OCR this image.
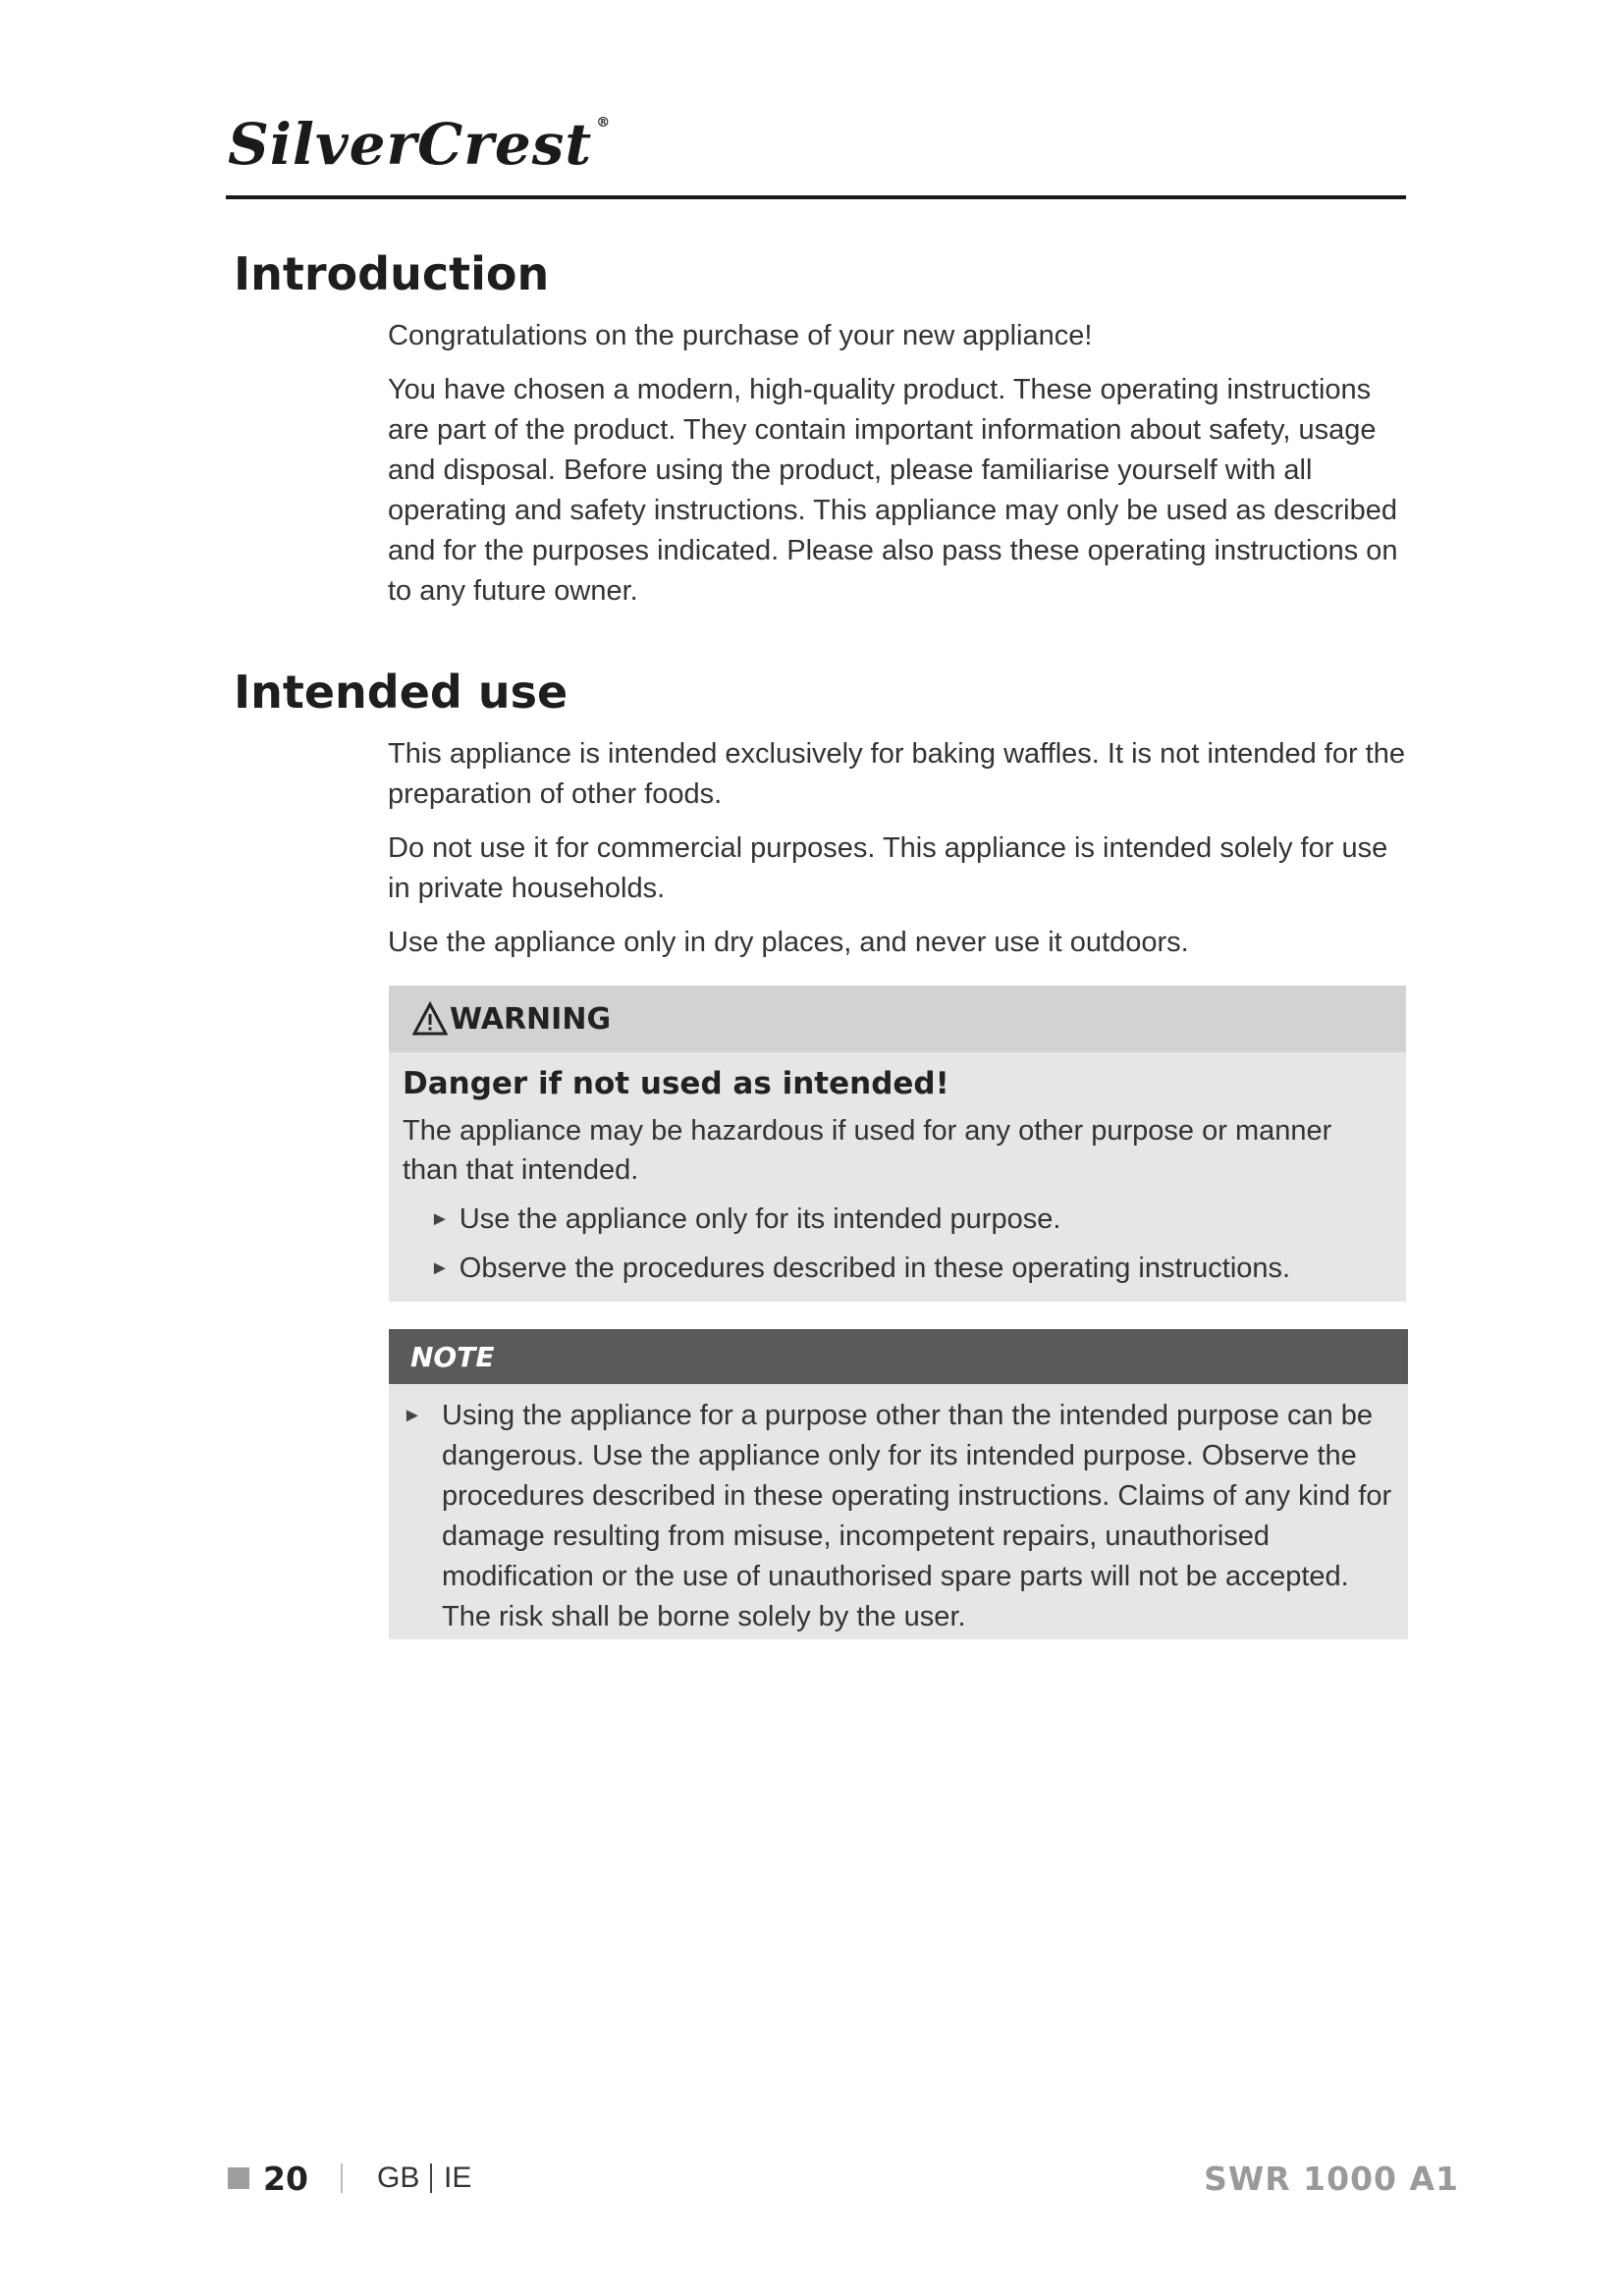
SilverCrest ®
Introduction

Congratulations on the purchase of your new appliance!

You have chosen a modern, high-quality product. These operating instructions are part of the product. They contain important information about safety, usage and disposal. Before using the product, please familiarise yourself with all operating and safety instructions. This appliance may only be used as described and for the purposes indicated. Please also pass these operating instructions on to any future owner.

Intended use

This appliance is intended exclusively for baking waffles. It is not intended for the preparation of other foods.

Do not use it for commercial purposes. This appliance is intended solely for use in private households.

Use the appliance only in dry places, and never use it outdoors.

WARNING
Danger if not used as intended!

The appliance may be hazardous if used for any other purpose or manner than that intended.

► Use the appliance only for its intended purpose.
► Observe the procedures described in these operating instructions.
NOTE
► Using the appliance for a purpose other than the intended purpose can be dangerous. Use the appliance only for its intended purpose. Observe the procedures described in these operating instructions. Claims of any kind for damage resulting from misuse, incompetent repairs, unauthorised modification or the use of unauthorised spare parts will not be accepted. The risk shall be borne solely by the user.
20 GB IE	SWR 1000 A1
